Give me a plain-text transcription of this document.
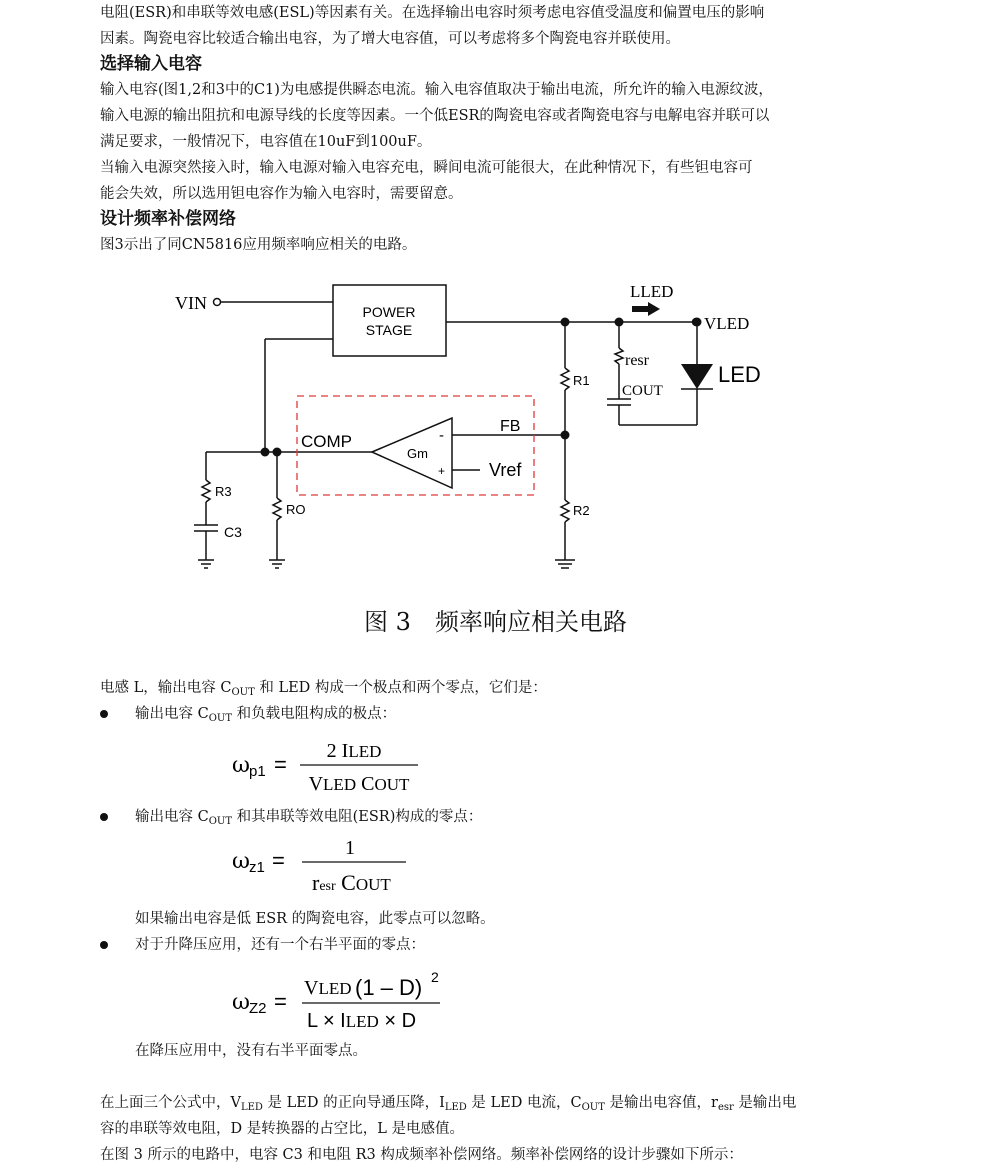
电阻(ESR)和串联等效电感(ESL)等因素有关。在选择输出电容时须考虑电容值受温度和偏置电压的影响
因素。陶瓷电容比较适合输出电容，为了增大电容值，可以考虑将多个陶瓷电容并联使用。
选择输入电容
输入电容(图1,2和3中的C1)为电感提供瞬态电流。输入电容值取决于输出电流，所允许的输入电源纹波，
输入电源的输出阻抗和电源导线的长度等因素。一个低ESR的陶瓷电容或者陶瓷电容与电解电容并联可以
满足要求，一般情况下，电容值在10uF到100uF。
当输入电源突然接入时，输入电源对输入电容充电，瞬间电流可能很大，在此种情况下，有些钽电容可
能会失效，所以选用钽电容作为输入电容时，需要留意。
设计频率补偿网络
图3示出了同CN5816应用频率响应相关的电路。
VIN	POWER
STAGE
LLED
VLED
resr
COUT
LED
R1
R2
R3
C3
RO
COMP
Gm
FB
Vref
-
+
图 3　频率响应相关电路
电感 L，输出电容 $C_{OUT}$ 和 LED 构成一个极点和两个零点，它们是：
输出电容 $C_{OUT}$ 和负载电阻构成的极点：
ω p1 =
2 ILED
VLED COUT
输出电容 $C_{OUT}$ 和其串联等效电阻(ESR)构成的零点：
ω z1 =	1
resr COUT
如果输出电容是低 ESR 的陶瓷电容，此零点可以忽略。
对于升降压应用，还有一个右半平面的零点：
ω Z2 =
VLED (1 – D) 2
L × ILED × D
在降压应用中，没有右半平面零点。
在上面三个公式中，$V_{LED}$ 是 LED 的正向导通压降，$I_{LED}$ 是 LED 电流，$C_{OUT}$ 是输出电容值，$r_{esr}$ 是输出电
容的串联等效电阻，D 是转换器的占空比，L 是电感值。
在图 3 所示的电路中，电容 C3 和电阻 R3 构成频率补偿网络。频率补偿网络的设计步骤如下所示：
